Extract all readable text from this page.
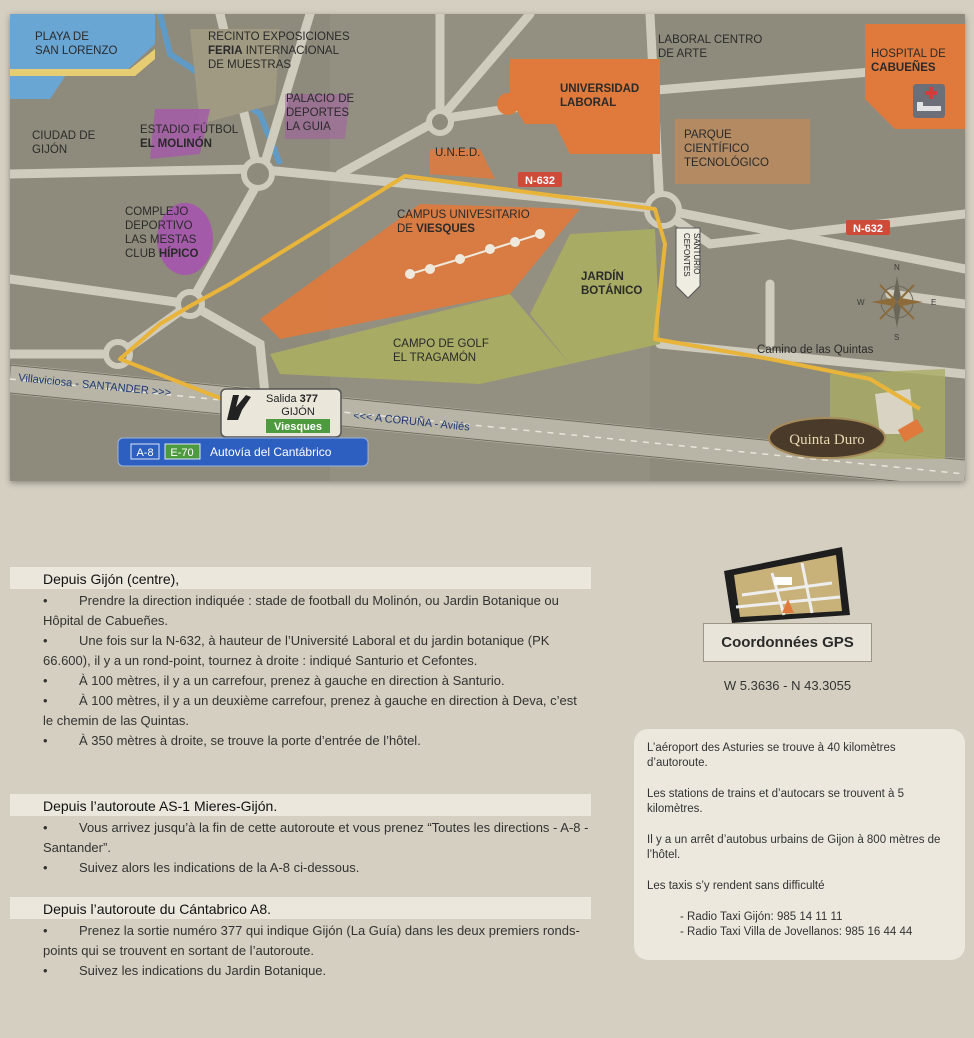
PLAYA DE SAN LORENZO
RECINTO EXPOSICIONES FERIA INTERNACIONAL DE MUESTRAS
LABORAL CENTRO DE ARTE	HOSPITAL DE CABUEÑES
PALACIO DE DEPORTES LA GUIA
UNIVERSIDAD LABORAL
CIUDAD DE GIJÓN
ESTADIO FÚTBOL EL MOLINÓN
U.N.E.D.
PARQUE CIENTÍFICO TECNOLÓGICO
COMPLEJO DEPORTIVO LAS MESTAS CLUB HÍPICO
CAMPUS UNIVESITARIO DE VIESQUES
JARDÍN BOTÁNICO
CAMPO DE GOLF EL TRAGAMÓN
Camino de las Quintas
Villaviciosa - SANTANDER >>>
<<< A CORUÑA - Avilés
N-632
N-632
CEFONTES SANTURIO	N
S
W	E
Salida 377
GIJÓN
Viesques
A-8 E-70 Autovía del Cantábrico
Quinta Duro
Depuis Gijón (centre),
• Prendre la direction indiquée : stade de football du Molinón, ou Jardin Botanique ou Hôpital de Cabueñes.
• Une fois sur la N-632, à hauteur de l’Université Laboral et du jardin botanique (PK 66.600), il y a un rond-point, tournez à droite : indiqué Santurio et Cefontes.
• À 100 mètres, il y a un carrefour, prenez à gauche en direction à Santurio.
• À 100 mètres, il y a un deuxième carrefour, prenez à gauche en direction à Deva, c’est le chemin de las Quintas.
• À 350 mètres à droite, se trouve la porte d’entrée de l’hôtel.
Depuis l’autoroute AS-1 Mieres-Gijón.
• Vous arrivez jusqu’à la fin de cette autoroute et vous prenez “Toutes les directions - A-8 - Santander”.
• Suivez alors les indications de la A-8 ci-dessous.
Depuis l’autoroute du Cántabrico A8.
• Prenez la sortie numéro 377 qui indique Gijón (La Guía) dans les deux premiers ronds-points qui se trouvent en sortant de l’autoroute.
• Suivez les indications du Jardin Botanique.
Coordonnées GPS
W 5.3636 - N 43.3055

L’aéroport des Asturies se trouve à 40 kilomètres d’autoroute.

Les stations de trains et d’autocars se trouvent à 5 kilomètres.

Il y a un arrêt d’autobus urbains de Gijon à 800 mètres de l’hôtel.

Les taxis s’y rendent sans difficulté

- Radio Taxi Gijón: 985 14 11 11

- Radio Taxi Villa de Jovellanos: 985 16 44 44
